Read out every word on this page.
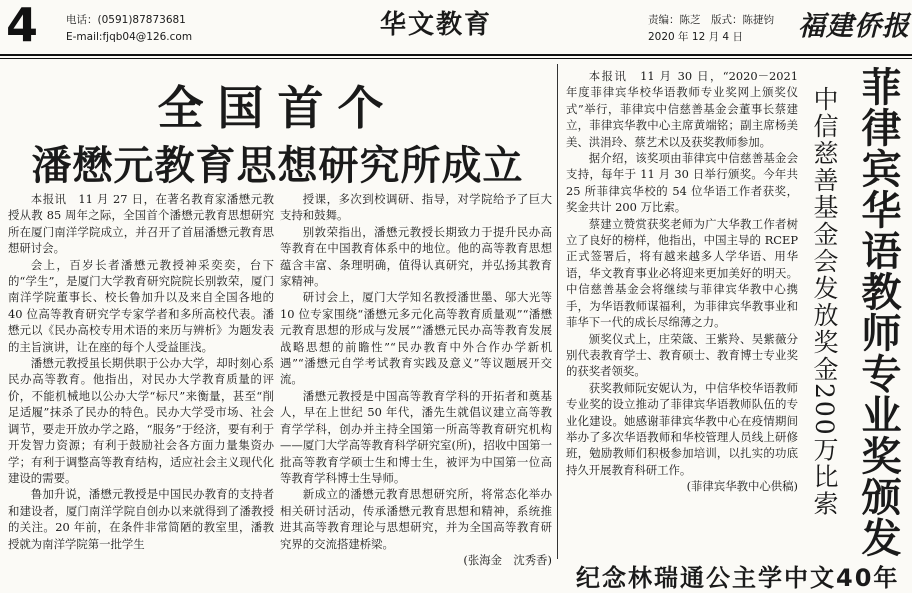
4	电话：(0591)87873681
E-mail:fjqb04@126.com	华文教育	责编：陈芝　版式：陈捷钧
2020 年 12 月 4 日	福建侨报
全国首个
潘懋元教育思想研究所成立

本报讯　11 月 27 日，在著名教育家潘懋元教授从教 85 周年之际，全国首个潘懋元教育思想研究所在厦门南洋学院成立，并召开了首届潘懋元教育思想研讨会。

会上，百岁长者潘懋元教授神采奕奕，台下的“学生”，是厦门大学教育研究院院长别敦荣，厦门南洋学院董事长、校长鲁加升以及来自全国各地的 40 位高等教育研究学专家学者和多所高校代表。潘懋元以《民办高校专用术语的来历与辨析》为题发表的主旨演讲，让在座的每个人受益匪浅。

潘懋元教授虽长期供职于公办大学，却时刻心系民办高等教育。他指出，对民办大学教育质量的评价，不能机械地以公办大学“标尺”来衡量，甚至“削足适履”抹杀了民办的特色。民办大学受市场、社会调节，要走开放办学之路，“服务”于经济，要有利于开发智力资源；有利于鼓励社会各方面力量集资办学；有利于调整高等教育结构，适应社会主义现代化建设的需要。

鲁加升说，潘懋元教授是中国民办教育的支持者和建设者，厦门南洋学院自创办以来就得到了潘教授的关注。20 年前，在条件非常简陋的教室里，潘教授就为南洋学院第一批学生

授课，多次到校调研、指导，对学院给予了巨大支持和鼓舞。

别敦荣指出，潘懋元教授长期致力于提升民办高等教育在中国教育体系中的地位。他的高等教育思想蕴含丰富、条理明确，值得认真研究，并弘扬其教育家精神。

研讨会上，厦门大学知名教授潘世墨、邬大光等 10 位专家围绕“潘懋元多元化高等教育质量观”“潘懋元教育思想的形成与发展”“潘懋元民办高等教育发展战略思想的前瞻性”“民办教育中外合作办学新机遇”“潘懋元自学考试教育实践及意义”等议题展开交流。

潘懋元教授是中国高等教育学科的开拓者和奠基人，早在上世纪 50 年代，潘先生就倡议建立高等教育学学科，创办并主持全国第一所高等教育研究机构——厦门大学高等教育科学研究室(所)，招收中国第一批高等教育学硕士生和博士生，被评为中国第一位高等教育学科博士生导师。

新成立的潘懋元教育思想研究所，将常态化举办相关研讨活动，传承潘懋元教育思想和精神，系统推进其高等教育理论与思想研究，并为全国高等教育研究界的交流搭建桥梁。

(张海金　沈秀香)

本报讯　11 月 30 日，“2020－2021 年度菲律宾华校华语教师专业奖网上颁奖仪式”举行，菲律宾中信慈善基金会董事长蔡建立，菲律宾华教中心主席黄端铭；副主席杨美美、洪涓玲、蔡艺术以及获奖教师参加。

据介绍，该奖项由菲律宾中信慈善基金会支持，每年于 11 月 30 日举行颁奖。今年共 25 所菲律宾华校的 54 位华语工作者获奖，奖金共计 200 万比索。

蔡建立赞赏获奖老师为广大华教工作者树立了良好的榜样，他指出，中国主导的 RCEP 正式签署后，将有越来越多人学华语、用华语，华文教育事业必将迎来更加美好的明天。中信慈善基金会将继续与菲律宾华教中心携手，为华语教师谋福利，为菲律宾华教事业和菲华下一代的成长尽绵薄之力。

颁奖仪式上，庄荣箴、王紫羚、吴紫薇分别代表教育学士、教育硕士、教育博士专业奖的获奖者领奖。

获奖教师阮安妮认为，中信华校华语教师专业奖的设立推动了菲律宾华语教师队伍的专业化建设。她感谢菲律宾华教中心在疫情期间举办了多次华语教师和华校管理人员线上研修班，勉励教师们积极参加培训，以扎实的功底持久开展教育科研工作。

(菲律宾华教中心供稿) 中信慈善基金会发放奖金200万比索 菲律宾华语教师专业奖颁发
纪念林瑞通公主学中文40年
